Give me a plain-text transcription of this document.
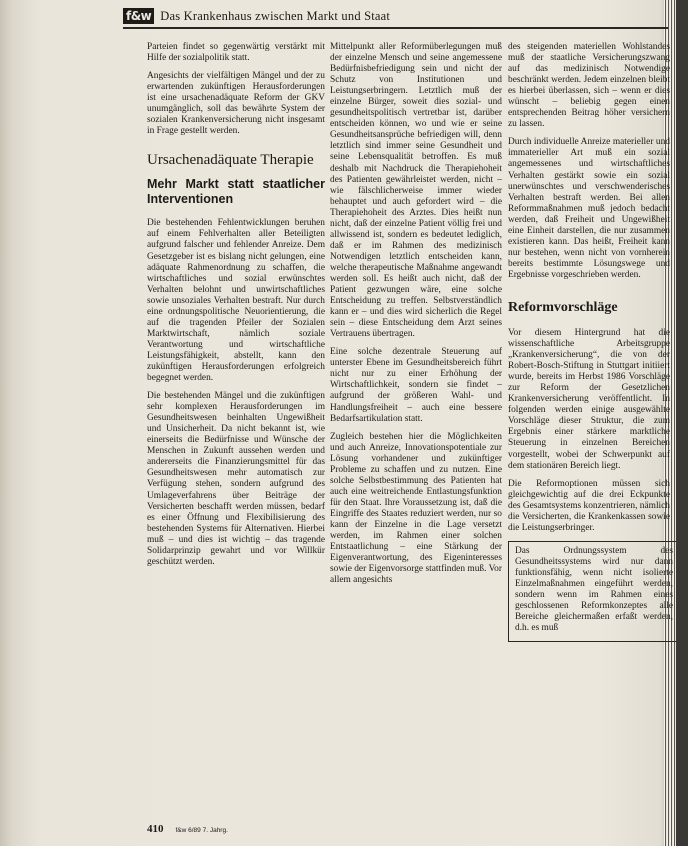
f&w Das Krankenhaus zwischen Markt und Staat

Parteien findet so gegenwärtig verstärkt mit Hilfe der sozialpolitik statt.

Angesichts der vielfältigen Mängel und der zu erwartenden zukünftigen Herausforderungen ist eine ursachenadäquate Reform der GKV unumgänglich, soll das bewährte System der sozialen Krankenversicherung nicht insgesamt in Frage gestellt werden.

Ursachenadäquate Therapie
Mehr Markt statt staatlicher Interventionen

Die bestehenden Fehlentwicklungen beruhen auf einem Fehlverhalten aller Beteiligten aufgrund falscher und fehlender Anreize. Dem Gesetzgeber ist es bislang nicht gelungen, eine adäquate Rahmenordnung zu schaffen, die wirtschaftliches und sozial erwünschtes Verhalten belohnt und unwirtschaftliches sowie unsoziales Verhalten bestraft. Nur durch eine ordnungspolitische Neuorientierung, die auf die tragenden Pfeiler der Sozialen Marktwirtschaft, nämlich soziale Verantwortung und wirtschaftliche Leistungsfähigkeit, abstellt, kann den zukünftigen Herausforderungen erfolgreich begegnet werden.

Die bestehenden Mängel und die zukünftigen sehr komplexen Herausforderungen im Gesundheitswesen beinhalten Ungewißheit und Unsicherheit. Da nicht bekannt ist, wie einerseits die Bedürfnisse und Wünsche der Menschen in Zukunft aussehen werden und andererseits die Finanzierungsmittel für das Gesundheitswesen mehr automatisch zur Verfügung stehen, sondern aufgrund des Umlageverfahrens über Beiträge der Versicherten beschafft werden müssen, bedarf es einer Öffnung und Flexibilisierung des bestehenden Systems für Alternativen. Hierbei muß – und dies ist wichtig – das tragende Solidarprinzip gewahrt und vor Willkür geschützt werden.

Mittelpunkt aller Reformüberlegungen muß der einzelne Mensch und seine angemessene Bedürfnisbefriedigung sein und nicht der Schutz von Institutionen und Leistungserbringern. Letztlich muß der einzelne Bürger, soweit dies sozial- und gesundheitspolitisch vertretbar ist, darüber entscheiden können, wo und wie er seine Gesundheitsansprüche befriedigen will, denn letztlich sind immer seine Gesundheit und seine Lebensqualität betroffen. Es muß deshalb mit Nachdruck die Therapiehoheit des Patienten gewährleistet werden, nicht – wie fälschlicherweise immer wieder behauptet und auch gefordert wird – die Therapiehoheit des Arztes. Dies heißt nun nicht, daß der einzelne Patient völlig frei und allwissend ist, sondern es bedeutet lediglich, daß er im Rahmen des medizinisch Notwendigen letztlich entscheiden kann, welche therapeutische Maßnahme angewandt werden soll. Es heißt auch nicht, daß der Patient gezwungen wäre, eine solche Entscheidung zu treffen. Selbstverständlich kann er – und dies wird sicherlich die Regel sein – diese Entscheidung dem Arzt seines Vertrauens übertragen.

Eine solche dezentrale Steuerung auf unterster Ebene im Gesundheitsbereich führt nicht nur zu einer Erhöhung der Wirtschaftlichkeit, sondern sie findet – aufgrund der größeren Wahl- und Handlungsfreiheit – auch eine bessere Bedarfsartikulation statt.

Zugleich bestehen hier die Möglichkeiten und auch Anreize, Innovationspotentiale zur Lösung vorhandener und zukünftiger Probleme zu schaffen und zu nutzen. Eine solche Selbstbestimmung des Patienten hat auch eine weitreichende Entlastungsfunktion für den Staat. Ihre Voraussetzung ist, daß die Eingriffe des Staates reduziert werden, nur so kann der Einzelne in die Lage versetzt werden, im Rahmen einer solchen Entstaatlichung – eine Stärkung der Eigenverantwortung, des Eigeninteresses sowie der Eigenvorsorge stattfinden muß. Vor allem angesichts

des steigenden materiellen Wohlstandes muß der staatliche Versicherungszwang auf das medizinisch Notwendige beschränkt werden. Jedem einzelnen bleibt es hierbei überlassen, sich – wenn er dies wünscht – beliebig gegen einen entsprechenden Beitrag höher versichern zu lassen.

Durch individuelle Anreize materieller und immaterieller Art muß ein sozial angemessenes und wirtschaftliches Verhalten gestärkt sowie ein sozial unerwünschtes und verschwenderisches Verhalten bestraft werden. Bei allen Reformmaßnahmen muß jedoch bedacht werden, daß Freiheit und Ungewißheit eine Einheit darstellen, die nur zusammen existieren kann. Das heißt, Freiheit kann nur bestehen, wenn nicht von vornherein bereits bestimmte Lösungswege und Ergebnisse vorgeschrieben werden.

Reformvorschläge

Vor diesem Hintergrund hat die wissenschaftliche Arbeitsgruppe „Krankenversicherung“, die von der Robert-Bosch-Stiftung in Stuttgart initiiert wurde, bereits im Herbst 1986 Vorschläge zur Reform der Gesetzlichen Krankenversicherung veröffentlicht. In folgenden werden einige ausgewählte Vorschläge dieser Struktur, die zum Ergebnis einer stärkere marktliche Steuerung in einzelnen Bereichen vorgestellt, wobei der Schwerpunkt auf dem stationären Bereich liegt.

Die Reformoptionen müssen sich gleichgewichtig auf die drei Eckpunkte des Gesamtsystems konzentrieren, nämlich die Versicherten, die Krankenkassen sowie die Leistungserbringer.

Das Ordnungssystem des Gesundheitssystems wird nur dann funktionsfähig, wenn nicht isolierte Einzelmaßnahmen eingeführt werden, sondern wenn im Rahmen eines geschlossenen Reformkonzeptes alle Bereiche gleichermaßen erfaßt werden, d.h. es muß

410 f&w 6/89 7. Jahrg.
